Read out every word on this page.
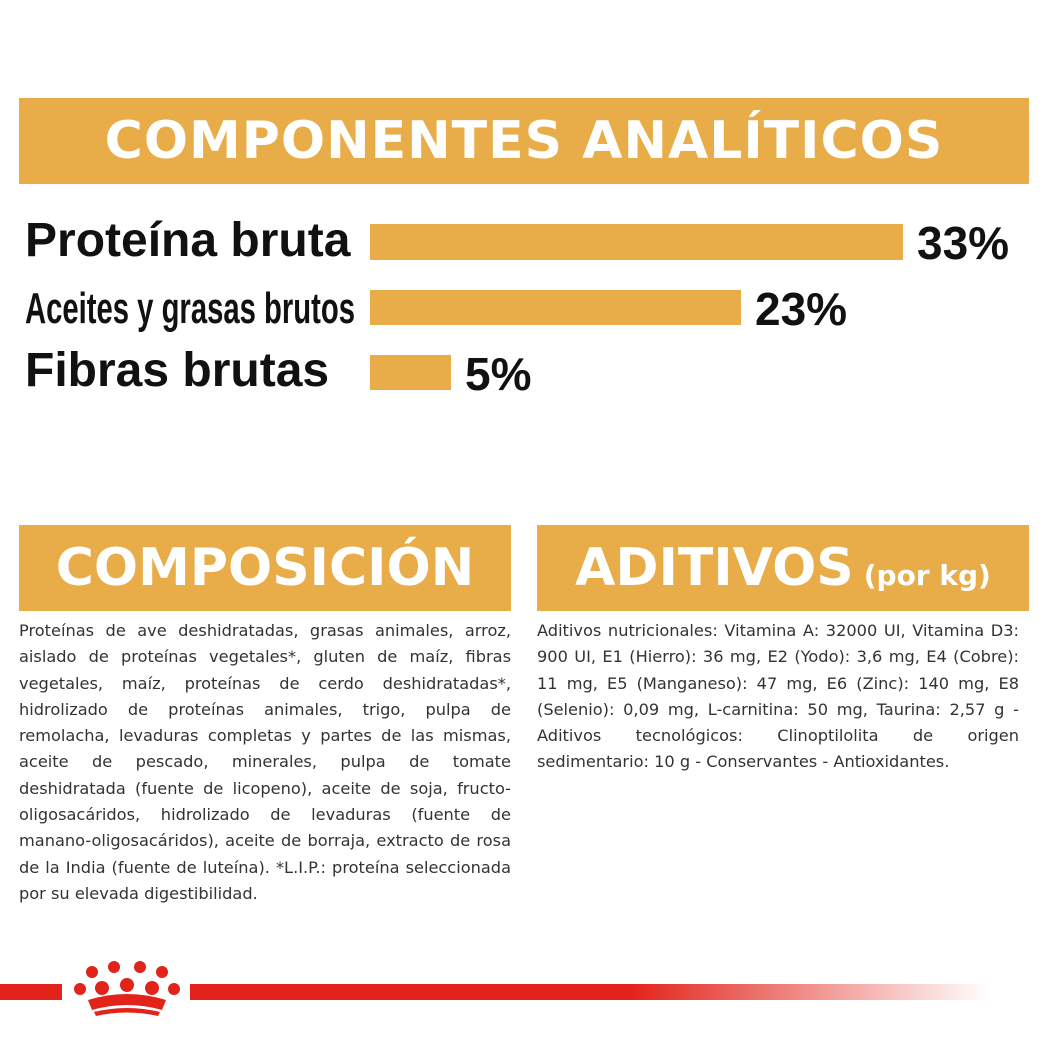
COMPONENTES ANALÍTICOS
Proteína bruta	33%
Aceites y grasas brutos	23%
Fibras brutas	5%
COMPOSICIÓN
Proteínas de ave deshidratadas, grasas animales, arroz, aislado de proteínas vegetales*, gluten de maíz, fibras vegetales, maíz, proteínas de cerdo deshidratadas*, hidrolizado de proteínas animales, trigo, pulpa de remolacha, levaduras completas y partes de las mismas, aceite de pescado, minerales, pulpa de tomate deshidratada (fuente de licopeno), aceite de soja, fructo-oligosacáridos, hidrolizado de levaduras (fuente de manano-oligosacáridos), aceite de borraja, extracto de rosa de la India (fuente de luteína). *L.I.P.: proteína seleccionada por su elevada digestibilidad.
ADITIVOS (por kg)
Aditivos nutricionales: Vitamina A: 32000 UI, Vitamina D3: 900 UI, E1 (Hierro): 36 mg, E2 (Yodo): 3,6 mg, E4 (Cobre): 11 mg, E5 (Manganeso): 47 mg, E6 (Zinc): 140 mg, E8 (Selenio): 0,09 mg, L-carnitina: 50 mg, Taurina: 2,57 g - Aditivos tecnológicos: Clinoptilolita de origen sedimentario: 10 g - Conservantes - Antioxidantes.
